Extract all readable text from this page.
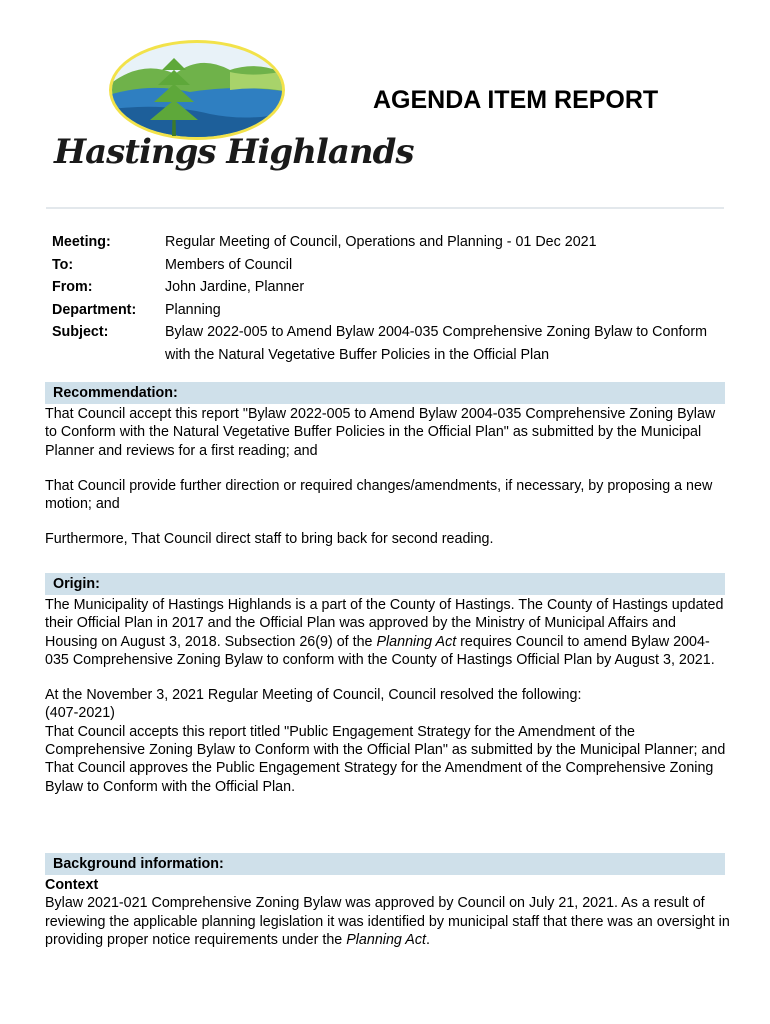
Hastings Highlands
AGENDA ITEM REPORT
Meeting:	Regular Meeting of Council, Operations and Planning - 01 Dec 2021
To:	Members of Council
From:	John Jardine, Planner
Department:	Planning
Subject:	Bylaw 2022-005 to Amend Bylaw 2004-035 Comprehensive Zoning Bylaw to Conform with the Natural Vegetative Buffer Policies in the Official Plan
Recommendation:

That Council accept this report "Bylaw 2022-005 to Amend Bylaw 2004-035 Comprehensive Zoning Bylaw to Conform with the Natural Vegetative Buffer Policies in the Official Plan" as submitted by the Municipal Planner and reviews for a first reading; and

That Council provide further direction or required changes/amendments, if necessary, by proposing a new motion; and

Furthermore, That Council direct staff to bring back for second reading.

Origin:

The Municipality of Hastings Highlands is a part of the County of Hastings. The County of Hastings updated their Official Plan in 2017 and the Official Plan was approved by the Ministry of Municipal Affairs and Housing on August 3, 2018. Subsection 26(9) of the Planning Act requires Council to amend Bylaw 2004-035 Comprehensive Zoning Bylaw to conform with the County of Hastings Official Plan by August 3, 2021.

At the November 3, 2021 Regular Meeting of Council, Council resolved the following:

(407-2021)

That Council accepts this report titled "Public Engagement Strategy for the Amendment of the Comprehensive Zoning Bylaw to Conform with the Official Plan" as submitted by the Municipal Planner; and

That Council approves the Public Engagement Strategy for the Amendment of the Comprehensive Zoning Bylaw to Conform with the Official Plan.

Background information:
Context

Bylaw 2021-021 Comprehensive Zoning Bylaw was approved by Council on July 21, 2021. As a result of reviewing the applicable planning legislation it was identified by municipal staff that there was an oversight in providing proper notice requirements under the Planning Act.
